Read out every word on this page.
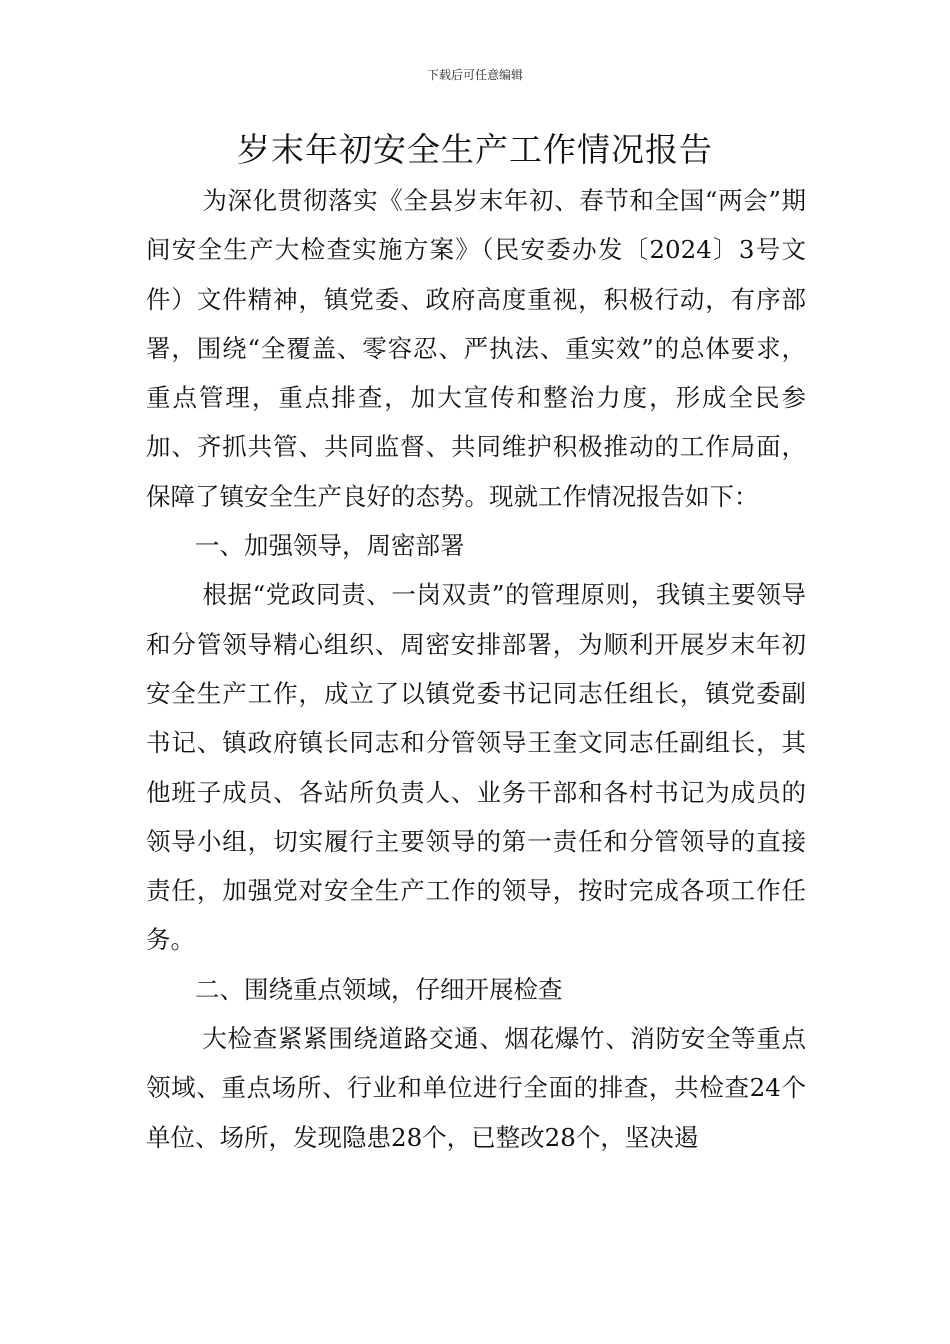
下载后可任意编辑
岁末年初安全生产工作情况报告

为深化贯彻落实《全县岁末年初、春节和全国“两会”期间安全生产大检查实施方案》（民安委办发〔2024〕3号文件）文件精神，镇党委、政府高度重视，积极行动，有序部署，围绕“全覆盖、零容忍、严执法、重实效”的总体要求，重点管理，重点排查，加大宣传和整治力度，形成全民参加、齐抓共管、共同监督、共同维护积极推动的工作局面，保障了镇安全生产良好的态势。现就工作情况报告如下：

一、加强领导，周密部署

根据“党政同责、一岗双责”的管理原则，我镇主要领导和分管领导精心组织、周密安排部署，为顺利开展岁末年初安全生产工作，成立了以镇党委书记同志任组长，镇党委副书记、镇政府镇长同志和分管领导王奎文同志任副组长，其他班子成员、各站所负责人、业务干部和各村书记为成员的领导小组，切实履行主要领导的第一责任和分管领导的直接责任，加强党对安全生产工作的领导，按时完成各项工作任务。

二、围绕重点领域，仔细开展检查

大检查紧紧围绕道路交通、烟花爆竹、消防安全等重点领域、重点场所、行业和单位进行全面的排查，共检查24个单位、场所，发现隐患28个，已整改28个，坚决遏
